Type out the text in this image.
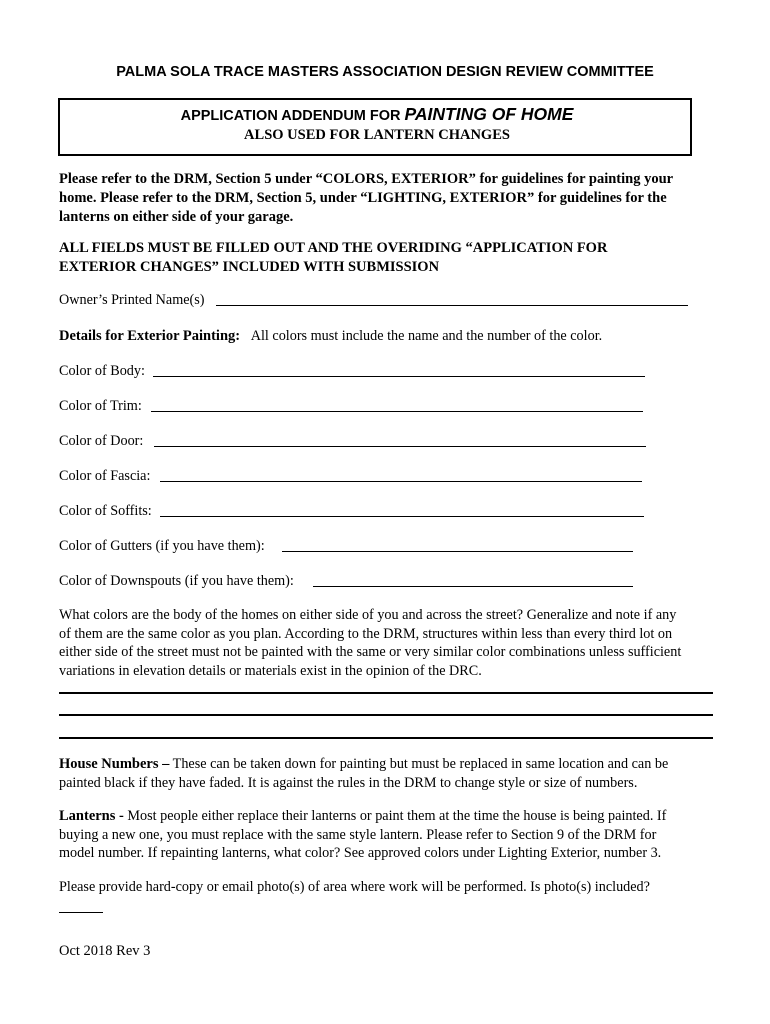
PALMA SOLA TRACE MASTERS ASSOCIATION DESIGN REVIEW COMMITTEE
APPLICATION ADDENDUM FOR PAINTING OF HOME
ALSO USED FOR LANTERN CHANGES
Please refer to the DRM, Section 5 under “COLORS, EXTERIOR” for guidelines for painting your
home. Please refer to the DRM, Section 5, under “LIGHTING, EXTERIOR” for guidelines for the
lanterns on either side of your garage.
ALL FIELDS MUST BE FILLED OUT AND THE OVERIDING “APPLICATION FOR
EXTERIOR CHANGES” INCLUDED WITH SUBMISSION
Owner’s Printed Name(s)
Details for Exterior Painting: All colors must include the name and the number of the color.
Color of Body:
Color of Trim:
Color of Door:
Color of Fascia:
Color of Soffits:
Color of Gutters (if you have them):
Color of Downspouts (if you have them):
What colors are the body of the homes on either side of you and across the street? Generalize and note if any
of them are the same color as you plan. According to the DRM, structures within less than every third lot on
either side of the street must not be painted with the same or very similar color combinations unless sufficient
variations in elevation details or materials exist in the opinion of the DRC.
House Numbers – These can be taken down for painting but must be replaced in same location and can be
painted black if they have faded. It is against the rules in the DRM to change style or size of numbers.
Lanterns - Most people either replace their lanterns or paint them at the time the house is being painted. If
buying a new one, you must replace with the same style lantern. Please refer to Section 9 of the DRM for
model number. If repainting lanterns, what color? See approved colors under Lighting Exterior, number 3.
Please provide hard-copy or email photo(s) of area where work will be performed. Is photo(s) included?
Oct 2018 Rev 3
